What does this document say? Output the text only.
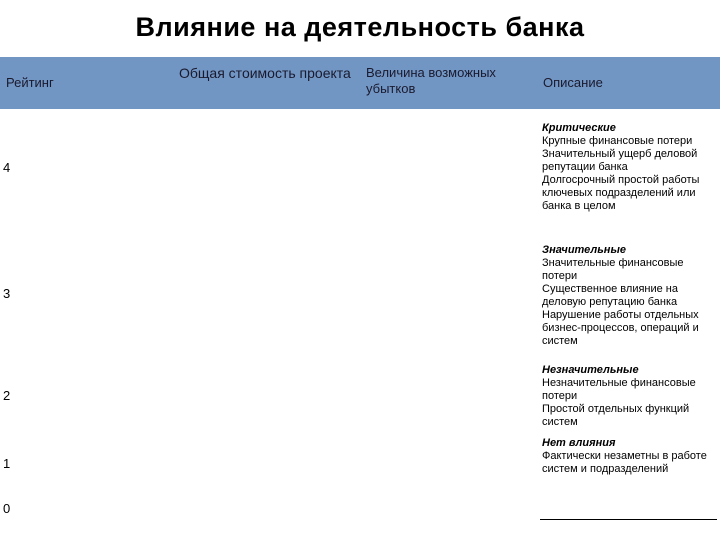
Влияние на деятельность банка
Рейтинг
Общая стоимость проекта	Величина возможных убытков	Описание
4
3
2
1
0
Критические
Крупные финансовые потери
Значительный ущерб деловой репутации банка
Долгосрочный простой работы ключевых подразделений или банка в целом
Значительные
Значительные финансовые потери
Существенное влияние на деловую репутацию банка
Нарушение работы отдельных бизнес-процессов, операций и систем
Незначительные
Незначительные финансовые потери
Простой отдельных функций систем
Нет влияния
Фактически незаметны в работе систем и подразделений
